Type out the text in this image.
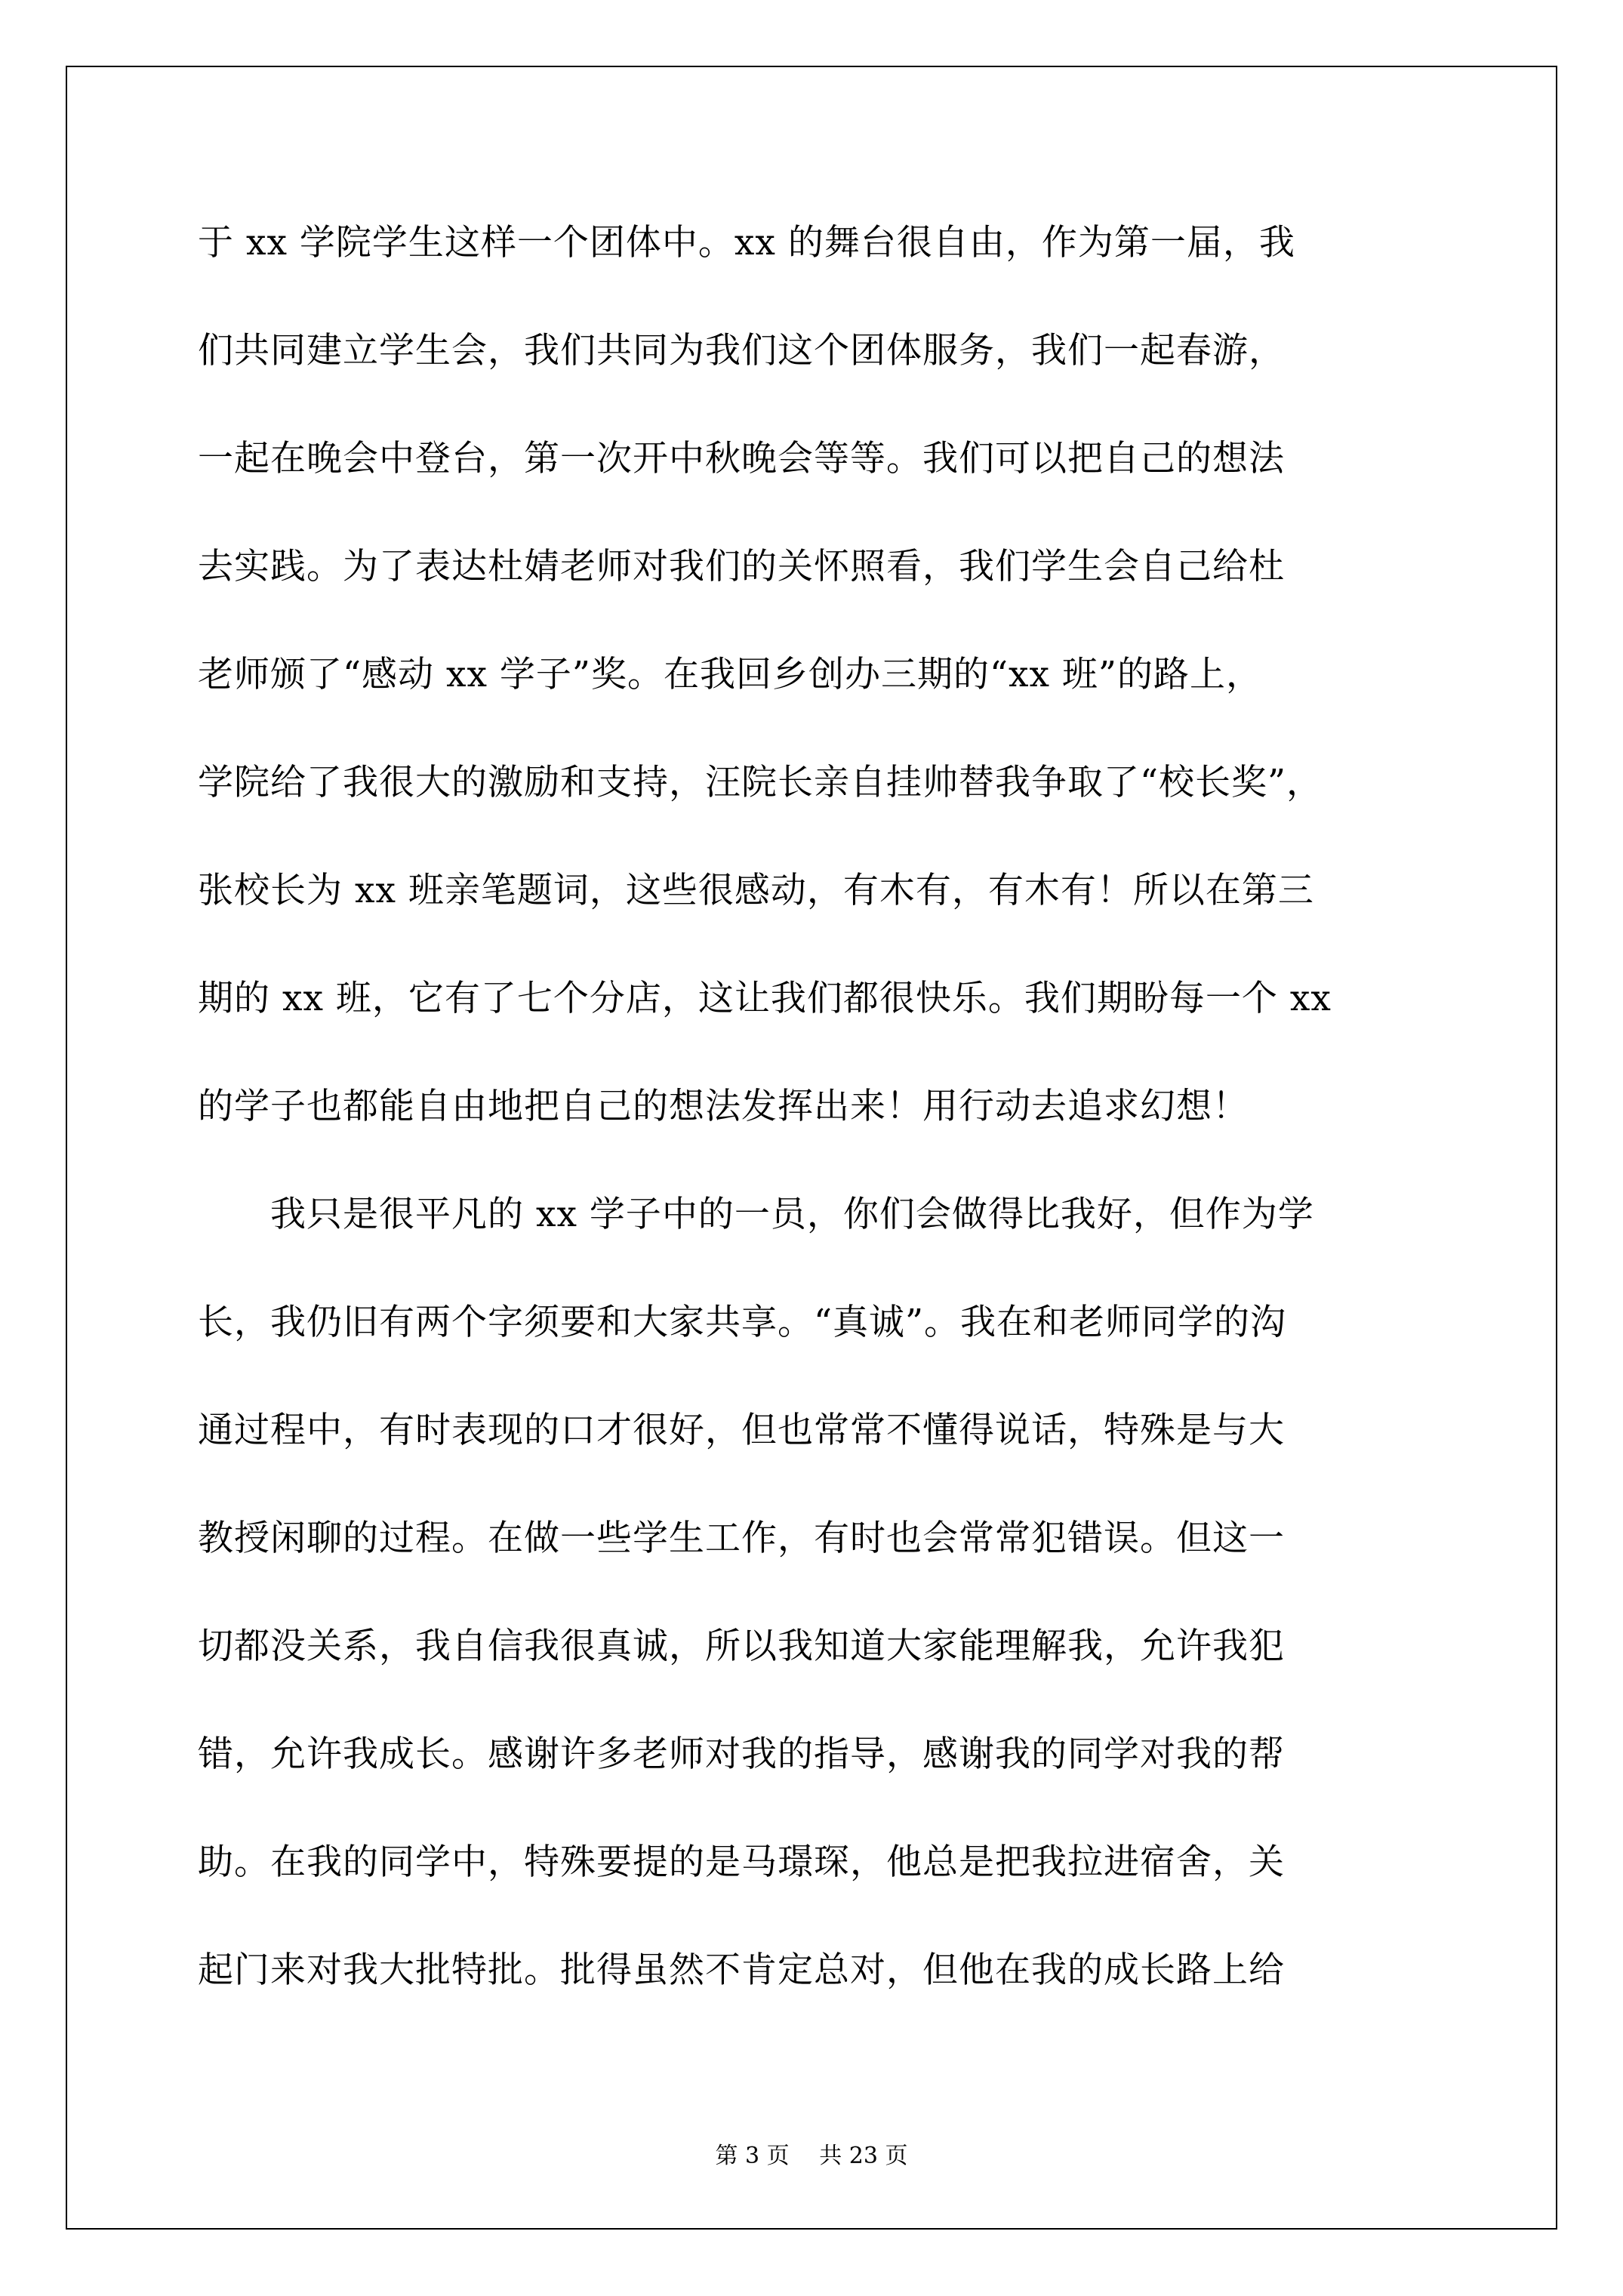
于 xx 学院学生这样一个团体中。xx 的舞台很自由，作为第一届，我
们共同建立学生会，我们共同为我们这个团体服务，我们一起春游，
一起在晚会中登台，第一次开中秋晚会等等。我们可以把自己的想法
去实践。为了表达杜婧老师对我们的关怀照看，我们学生会自己给杜
老师颁了“感动 xx 学子”奖。在我回乡创办三期的“xx 班”的路上，
学院给了我很大的激励和支持，汪院长亲自挂帅替我争取了“校长奖”，
张校长为 xx 班亲笔题词，这些很感动，有木有，有木有！所以在第三
期的 xx 班，它有了七个分店，这让我们都很快乐。我们期盼每一个 xx
的学子也都能自由地把自己的想法发挥出来！用行动去追求幻想！
　　我只是很平凡的 xx 学子中的一员，你们会做得比我好，但作为学
长，我仍旧有两个字须要和大家共享。“真诚”。我在和老师同学的沟
通过程中，有时表现的口才很好，但也常常不懂得说话，特殊是与大
教授闲聊的过程。在做一些学生工作，有时也会常常犯错误。但这一
切都没关系，我自信我很真诚，所以我知道大家能理解我，允许我犯
错，允许我成长。感谢许多老师对我的指导，感谢我的同学对我的帮
助。在我的同学中，特殊要提的是马璟琛，他总是把我拉进宿舍，关
起门来对我大批特批。批得虽然不肯定总对，但他在我的成长路上给
第 3 页　 共 23 页
